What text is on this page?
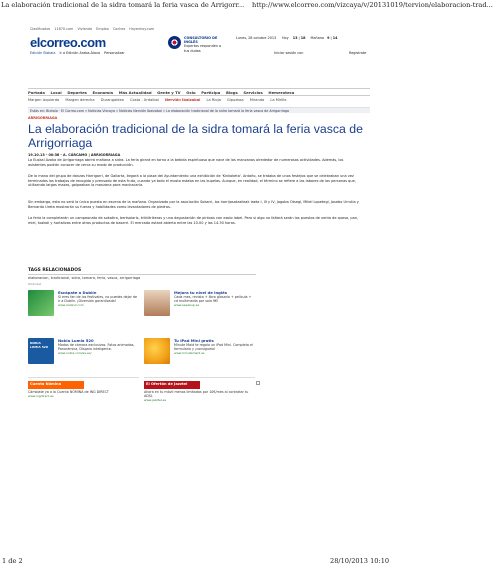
La elaboración tradicional de la sidra tomará la feria vasca de Arrigorr... http://www.elcorreo.com/vizcaya/v/20131019/tervion/elaboracion-trad...
Clasificados 11870.com Vivienda Empleo Coches Hoyenhoy.com
elcorreo.com
Edición Bizkaia Ir a Edición Araba-Álava Personalizar
CONSULTORIO DE INGLÉS
Expertos responden a tus dudas
Lunes, 28 octubre 2013 Hoy 13 | 18 Mañana 9 | 14
Iniciar sesión con	Registrate
Portada Local Deportes Economía Más Actualidad Gente y TV Ocio Participa Blogs Servicios Hemeroteca
Margen izquierda Margen derecha Durangaldea Costa - Urdaibai Nervión Ibaizabal La Rioja Gipuzkoa Miranda La Mirilla
Estás en: Bizkaia · El Correo.com » Noticias Vizcaya » Noticias Nervión Ibaizabal » La elaboración tradicional de la sidra tomará la feria vasca de Arrigorriaga
ARRIGORRIAGA
La elaboración tradicional de la sidra tomará la feria vasca de Arrigorriaga
19.10.13 - 00:36 - A. CÁRCAMO | ARRIGORRIAGA

La Euskal Azoka de Arrigorriaga abrirá mañana a sidra. La feria girará en torno a la bebida espirituosa que nace de las manzanas alrededor de numerosas actividades. Además, los asistentes podrán conocer de cerca su modo de producción.

De la mano del grupo de danzas Harrigorri, de Gallarta, llegará a la plaza del Ayuntamiento una exhibición de 'Kinkoketa'. Antaño, se trataba de unos festejos que se celebraban una vez terminados los trabajos de recogida y prensado de esta fruta, cuando ya todo el mosto estaba en las kupelas. Aunque, en realidad, el término se refiere a las labores de las personas que, utilizando largas mazas, golpeaban la manzana para machacarla.

Sin embargo, esta no será la única puesta en escena de la mañana. Organizado por la asociación Sokarri, los harrijasotzaileak Iaeta I, III y IV, Jagoba Otsegi, Mikel Lopetegi, Josebo Urrutia y Bernardo Ureta mostrarán su fuerza y habilidades como levantadores de piedras.

La feria la completarán un campeonato de sokatira, bertsolaris, triktitrikeras y una degustación de pintxos con exolo label. Pero si algo no faltará serán los puestos de venta de queso, pan, miel, txakoli y hortalizas entre otros productos de baserri. El mercado estará abierto entre las 10.00 y las 14.30 horas.

TAGS RELACIONADOS
elaboracion, tradicional, sidra, tomara, feria, vasca, arrigorriaga
Publicidad
Escápate a Dublín
Si eres fan de los festivales, no puedes dejar de ir a Dublín. ¡Diversión garantizada!
www.ireland.com
Mejora tu nivel de inglés
Cada mes, revista + libro glosario + película + cd multimedia por solo 9€!
www.speakup.es
NOKIA LUMIA 520
Nokia Lumia 520
Modos de cámara exclusivos. Fotos animadas, Panorámica, Disparo inteligente.
www.nokia.com/es-es/
Tu iPad Mini gratis
Minute Maid te regala un iPad Mini. Completa el formulario y ¡consíguelo!
www.minutemaid.es
Cuenta Nómina
Cámbiate ya a la Cuenta NÓMINA de ING DIRECT
www.ingdirect.es
El Ofertón de Jazztel
Ahora en tu móvil menos limitados por 10€/mes al contratar tu ADSL
www.jazztel.es
1 de 2	28/10/2013 10:10
